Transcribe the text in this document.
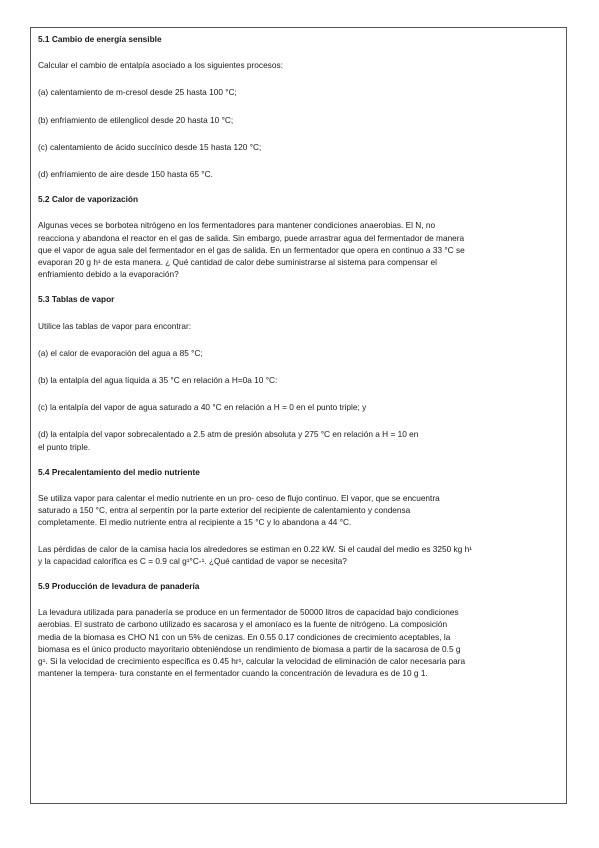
5.1 Cambio de energía sensible
Calcular el cambio de entalpía asociado a los siguientes procesos:
(a) calentamiento de m-cresol desde 25 hasta 100 °C;
(b) enfriamiento de etilenglicol desde 20 hasta 10 °C;
(c) calentamiento de ácido succínico desde 15 hasta 120 °C;
(d) enfriamiento de aire desde 150 hasta 65 °C.
5.2 Calor de vaporización
Algunas veces se borbotea nitrógeno en los fermentadores para mantener condiciones anaerobias. El N, no
reacciona y abandona el reactor en el gas de salida. Sin embargo, puede arrastrar agua del fermentador de manera
que el vapor de agua sale del fermentador en el gas de salida. En un fermentador que opera en continuo a 33 °C se
evaporan 20 g h¹ de esta manera. ¿ Qué cantidad de calor debe suministrarse al sistema para compensar el
enfriamiento debido a la evaporación?
5.3 Tablas de vapor
Utilice las tablas de vapor para encontrar:
(a) el calor de evaporación del agua a 85 °C;
(b) la entalpía del agua líquida a 35 °C en relación a H=0a 10 °C:
(c) la entalpía del vapor de agua saturado a 40 °C en relación a H = 0 en el punto triple; y
(d) la entalpía del vapor sobrecalentado a 2.5 atm de presión absoluta y 275 °C en relación a H = 10 en
el punto triple.
5.4 Precalentamiento del medio nutriente
Se utiliza vapor para calentar el medio nutriente en un pro- ceso de flujo continuo. El vapor, que se encuentra
saturado a 150 °C, entra al serpentín por la parte exterior del recipiente de calentamiento y condensa
completamente. El medio nutriente entra al recipiente a 15 °C y lo abandona a 44 °C.
Las pérdidas de calor de la camisa hacia los alrededores se estiman en 0.22 kW. Si el caudal del medio es 3250 kg h¹
y la capacidad calorífica es C = 0.9 cal g¹°C-¹. ¿Qué cantidad de vapor se necesita?
5.9 Producción de levadura de panadería
La levadura utilizada para panadería se produce en un fermentador de 50000 litros de capacidad bajo condiciones
aerobias. El sustrato de carbono utilizado es sacarosa y el amoníaco es la fuente de nitrógeno. La composición
media de la biomasa es CHO N1 con un 5% de cenizas. En 0.55 0.17 condiciones de crecimiento aceptables, la
biomasa es el único producto mayoritario obteniéndose un rendimiento de biomasa a partir de la sacarosa de 0.5 g
g¹. Si la velocidad de crecimiento específica es 0.45 hr¹, calcular la velocidad de eliminación de calor necesaria para
mantener la tempera- tura constante en el fermentador cuando la concentración de levadura es de 10 g 1.
